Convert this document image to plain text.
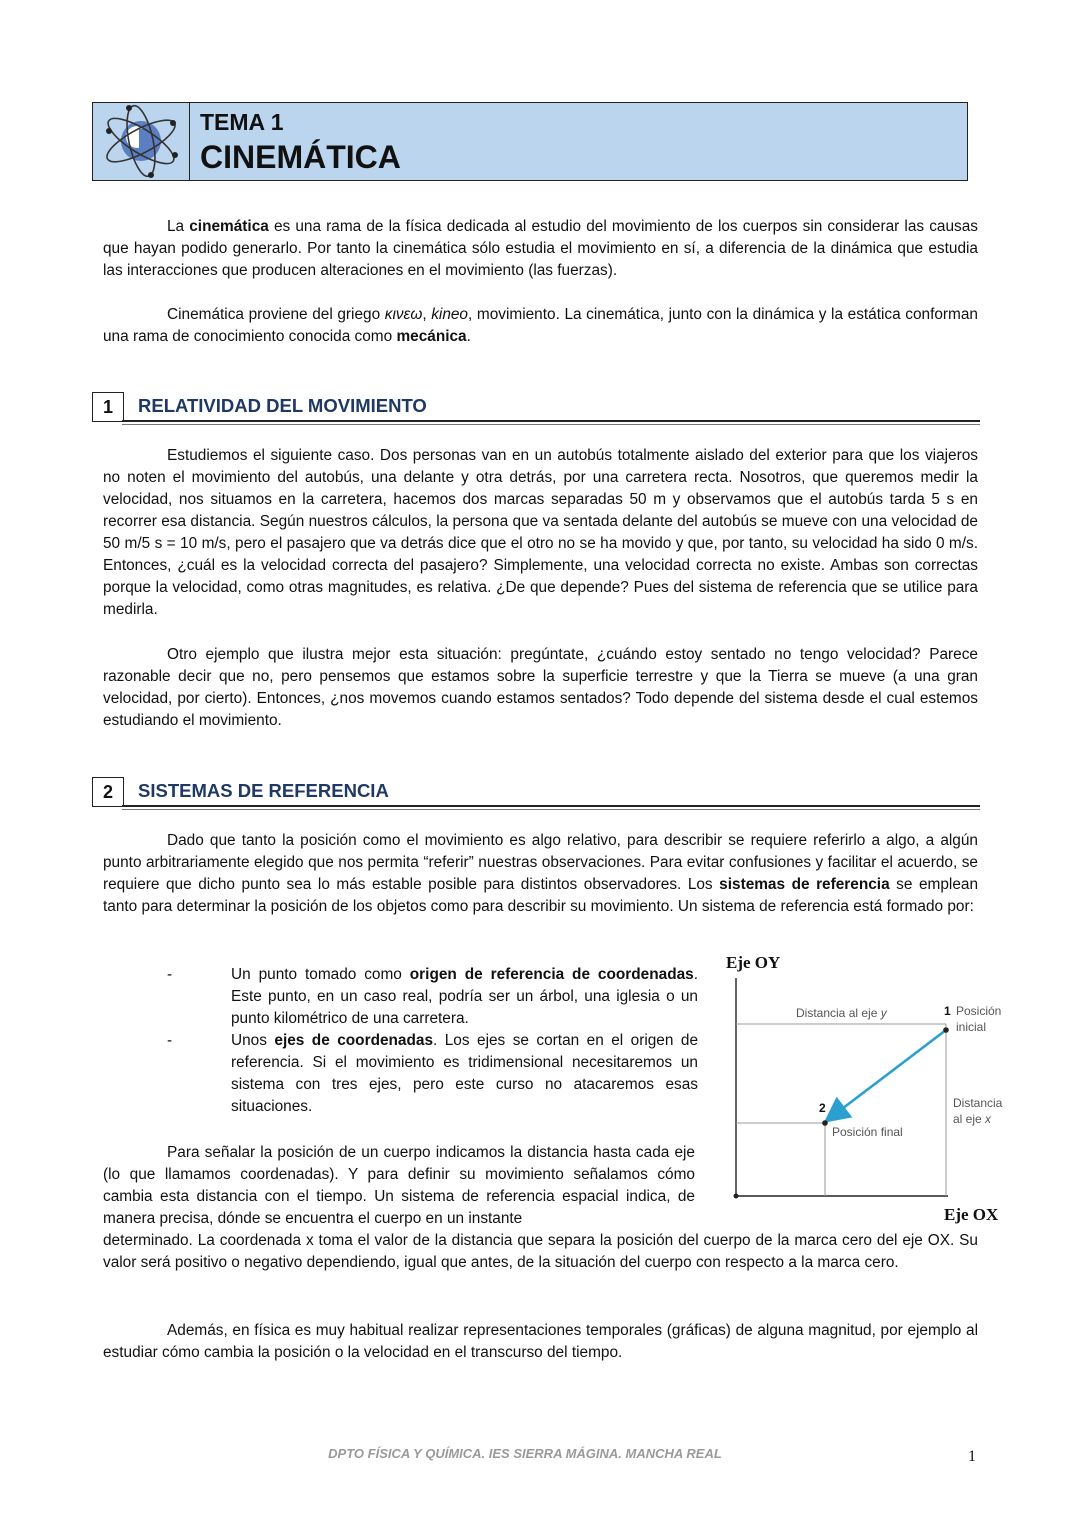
TEMA 1
CINEMÁTICA

La cinemática es una rama de la física dedicada al estudio del movimiento de los cuerpos sin considerar las causas que hayan podido generarlo. Por tanto la cinemática sólo estudia el movimiento en sí, a diferencia de la dinámica que estudia las interacciones que producen alteraciones en el movimiento (las fuerzas).

Cinemática proviene del griego κινεω, kineo, movimiento. La cinemática, junto con la dinámica y la estática conforman una rama de conocimiento conocida como mecánica.

1	RELATIVIDAD DEL MOVIMIENTO

Estudiemos el siguiente caso. Dos personas van en un autobús totalmente aislado del exterior para que los viajeros no noten el movimiento del autobús, una delante y otra detrás, por una carretera recta. Nosotros, que queremos medir la velocidad, nos situamos en la carretera, hacemos dos marcas separadas 50 m y observamos que el autobús tarda 5 s en recorrer esa distancia. Según nuestros cálculos, la persona que va sentada delante del autobús se mueve con una velocidad de 50 m/5 s = 10 m/s, pero el pasajero que va detrás dice que el otro no se ha movido y que, por tanto, su velocidad ha sido 0 m/s. Entonces, ¿cuál es la velocidad correcta del pasajero? Simplemente, una velocidad correcta no existe. Ambas son correctas porque la velocidad, como otras magnitudes, es relativa. ¿De que depende? Pues del sistema de referencia que se utilice para medirla.

Otro ejemplo que ilustra mejor esta situación: pregúntate, ¿cuándo estoy sentado no tengo velocidad? Parece razonable decir que no, pero pensemos que estamos sobre la superficie terrestre y que la Tierra se mueve (a una gran velocidad, por cierto). Entonces, ¿nos movemos cuando estamos sentados? Todo depende del sistema desde el cual estemos estudiando el movimiento.

2	SISTEMAS DE REFERENCIA

Dado que tanto la posición como el movimiento es algo relativo, para describir se requiere referirlo a algo, a algún punto arbitrariamente elegido que nos permita “referir” nuestras observaciones. Para evitar confusiones y facilitar el acuerdo, se requiere que dicho punto sea lo más estable posible para distintos observadores. Los sistemas de referencia se emplean tanto para determinar la posición de los objetos como para describir su movimiento. Un sistema de referencia está formado por:

-	Un punto tomado como origen de referencia de coordenadas. Este punto, en un caso real, podría ser un árbol, una iglesia o un punto kilométrico de una carretera.
-	Unos ejes de coordenadas. Los ejes se cortan en el origen de referencia. Si el movimiento es tridimensional necesitaremos un sistema con tres ejes, pero este curso no atacaremos esas situaciones.

Para señalar la posición de un cuerpo indicamos la distancia hasta cada eje (lo que llamamos coordenadas). Y para definir su movimiento señalamos cómo cambia esta distancia con el tiempo. Un sistema de referencia espacial indica, de manera precisa, dónde se encuentra el cuerpo en un instante

determinado. La coordenada x toma el valor de la distancia que separa la posición del cuerpo de la marca cero del eje OX. Su valor será positivo o negativo dependiendo, igual que antes, de la situación del cuerpo con respecto a la marca cero.

Además, en física es muy habitual realizar representaciones temporales (gráficas) de alguna magnitud, por ejemplo al estudiar cómo cambia la posición o la velocidad en el transcurso del tiempo.

Eje OY
Eje OX
Distancia al eje y	1 Posición
inicial
Distancia
al eje x
2
Posición final
DPTO FÍSICA Y QUÍMICA. IES SIERRA MÁGINA. MANCHA REAL	1
